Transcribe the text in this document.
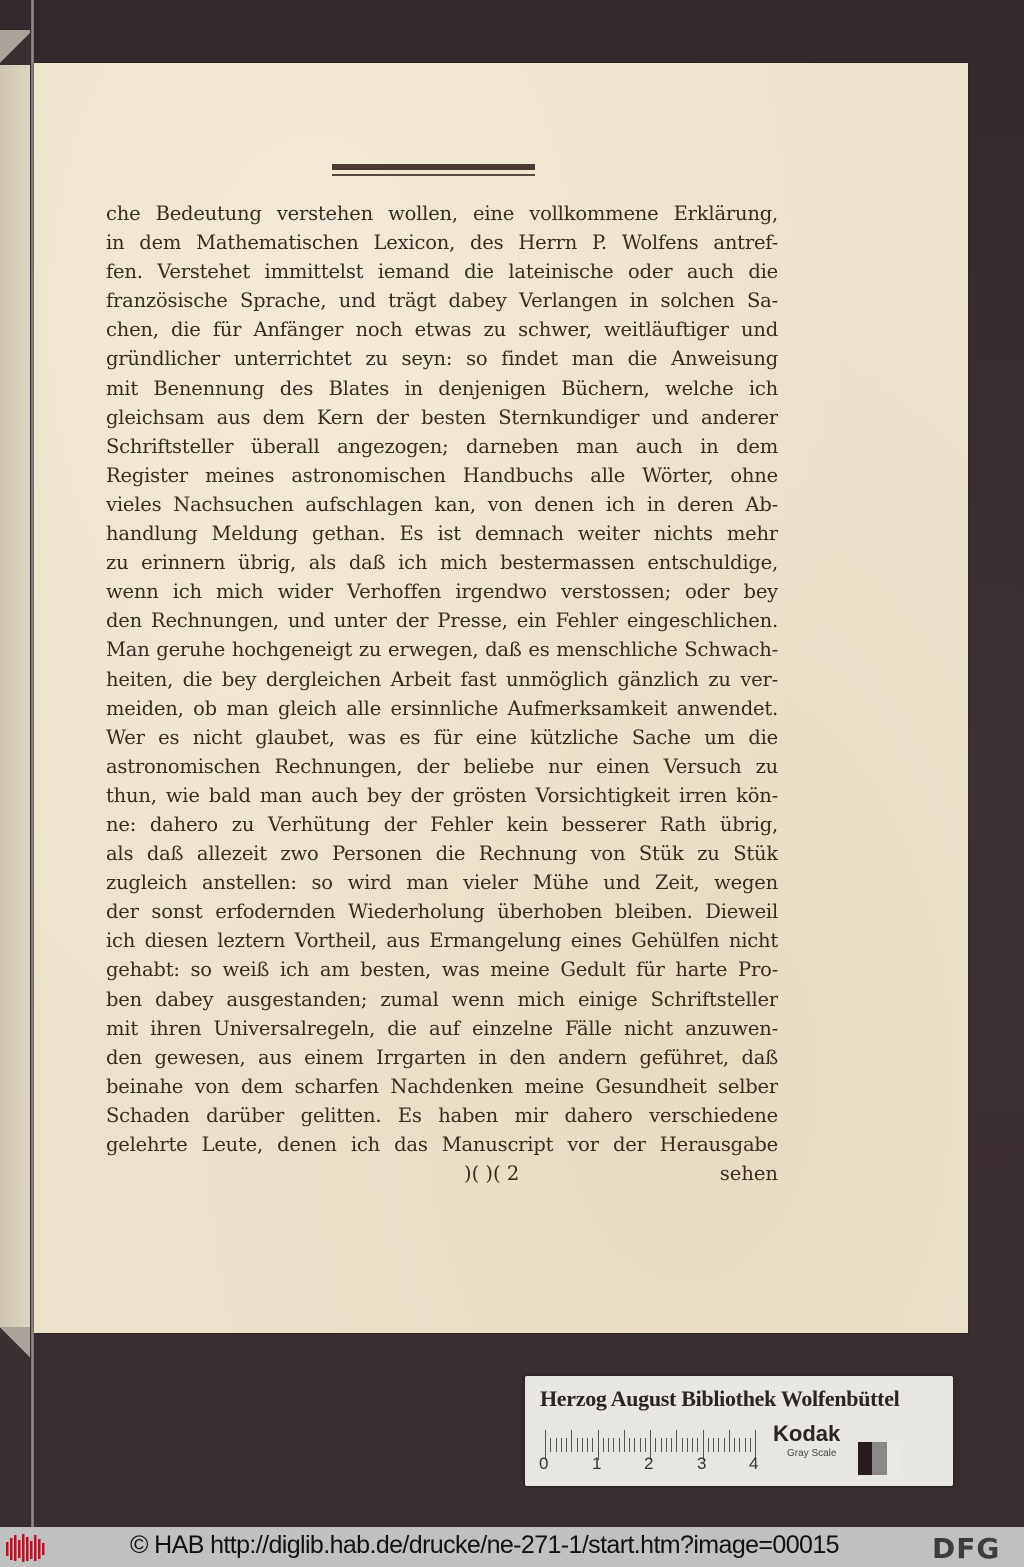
che Bedeutung verstehen wollen, eine vollkommene Erklärung,
in dem Mathematischen Lexicon, des Herrn P. Wolfens antref-
fen. Verstehet immittelst iemand die lateinische oder auch die
französische Sprache, und trägt dabey Verlangen in solchen Sa-
chen, die für Anfänger noch etwas zu schwer, weitläuftiger und
gründlicher unterrichtet zu seyn: so findet man die Anweisung
mit Benennung des Blates in denjenigen Büchern, welche ich
gleichsam aus dem Kern der besten Sternkundiger und anderer
Schriftsteller überall angezogen; darneben man auch in dem
Register meines astronomischen Handbuchs alle Wörter, ohne
vieles Nachsuchen aufschlagen kan, von denen ich in deren Ab-
handlung Meldung gethan. Es ist demnach weiter nichts mehr
zu erinnern übrig, als daß ich mich bestermassen entschuldige,
wenn ich mich wider Verhoffen irgendwo verstossen; oder bey
den Rechnungen, und unter der Presse, ein Fehler eingeschlichen.
Man geruhe hochgeneigt zu erwegen, daß es menschliche Schwach-
heiten, die bey dergleichen Arbeit fast unmöglich gänzlich zu ver-
meiden, ob man gleich alle ersinnliche Aufmerksamkeit anwendet.
Wer es nicht glaubet, was es für eine kützliche Sache um die
astronomischen Rechnungen, der beliebe nur einen Versuch zu
thun, wie bald man auch bey der grösten Vorsichtigkeit irren kön-
ne: dahero zu Verhütung der Fehler kein besserer Rath übrig,
als daß allezeit zwo Personen die Rechnung von Stük zu Stük
zugleich anstellen: so wird man vieler Mühe und Zeit, wegen
der sonst erfodernden Wiederholung überhoben bleiben. Dieweil
ich diesen leztern Vortheil, aus Ermangelung eines Gehülfen nicht
gehabt: so weiß ich am besten, was meine Gedult für harte Pro-
ben dabey ausgestanden; zumal wenn mich einige Schriftsteller
mit ihren Universalregeln, die auf einzelne Fälle nicht anzuwen-
den gewesen, aus einem Irrgarten in den andern geführet, daß
beinahe von dem scharfen Nachdenken meine Gesundheit selber
Schaden darüber gelitten. Es haben mir dahero verschiedene
gelehrte Leute, denen ich das Manuscript vor der Herausgabe
)( )( 2	sehen
Herzog August Bibliothek Wolfenbüttel
0	1	2	3	4
Kodak
Gray Scale
© HAB http://diglib.hab.de/drucke/ne-271-1/start.htm?image=00015	DFG
